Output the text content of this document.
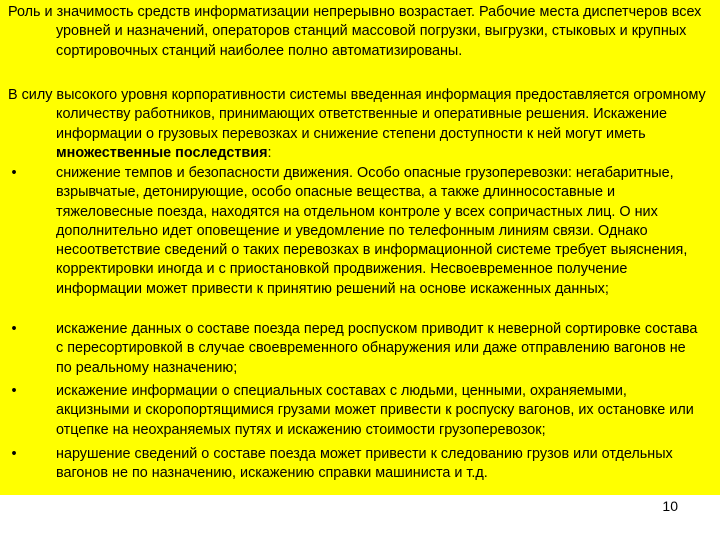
Роль и значимость средств информатизации непрерывно возрастает. Рабочие места диспетчеров всех уровней и назначений, операторов станций массовой погрузки, выгрузки, стыковых и крупных сортировочных станций наиболее полно автоматизированы.

В силу высокого уровня корпоративности системы введенная информация предоставляется огромному количеству работников, принимающих ответственные и оперативные решения. Искажение информации о грузовых перевозках и снижение степени доступности к ней могут иметь множественные последствия:

•	снижение темпов и безопасности движения. Особо опасные грузоперевозки: негабаритные, взрывчатые, детонирующие, особо опасные вещества, а также длинносоставные и тяжеловесные поезда, находятся на отдельном контроле у всех сопричастных лиц. О них дополнительно идет оповещение и уведомление по телефонным линиям связи. Однако несоответствие сведений о таких перевозках в информационной системе требует выяснения, корректировки иногда и с приостановкой продвижения. Несвоевременное получение информации может привести к принятию решений на основе искаженных данных;
•	искажение данных о составе поезда перед роспуском приводит к неверной сортировке состава с пересортировкой в случае своевременного обнаружения или даже отправлению вагонов не по реальному назначению;
•	искажение информации о специальных составах с людьми, ценными, охраняемыми, акцизными и скоропортящимися грузами может привести к роспуску вагонов, их остановке или отцепке на неохраняемых путях и искажению стоимости грузоперевозок;
•	нарушение сведений о составе поезда может привести к следованию грузов или отдельных вагонов не по назначению, искажению справки машиниста и т.д.
10
